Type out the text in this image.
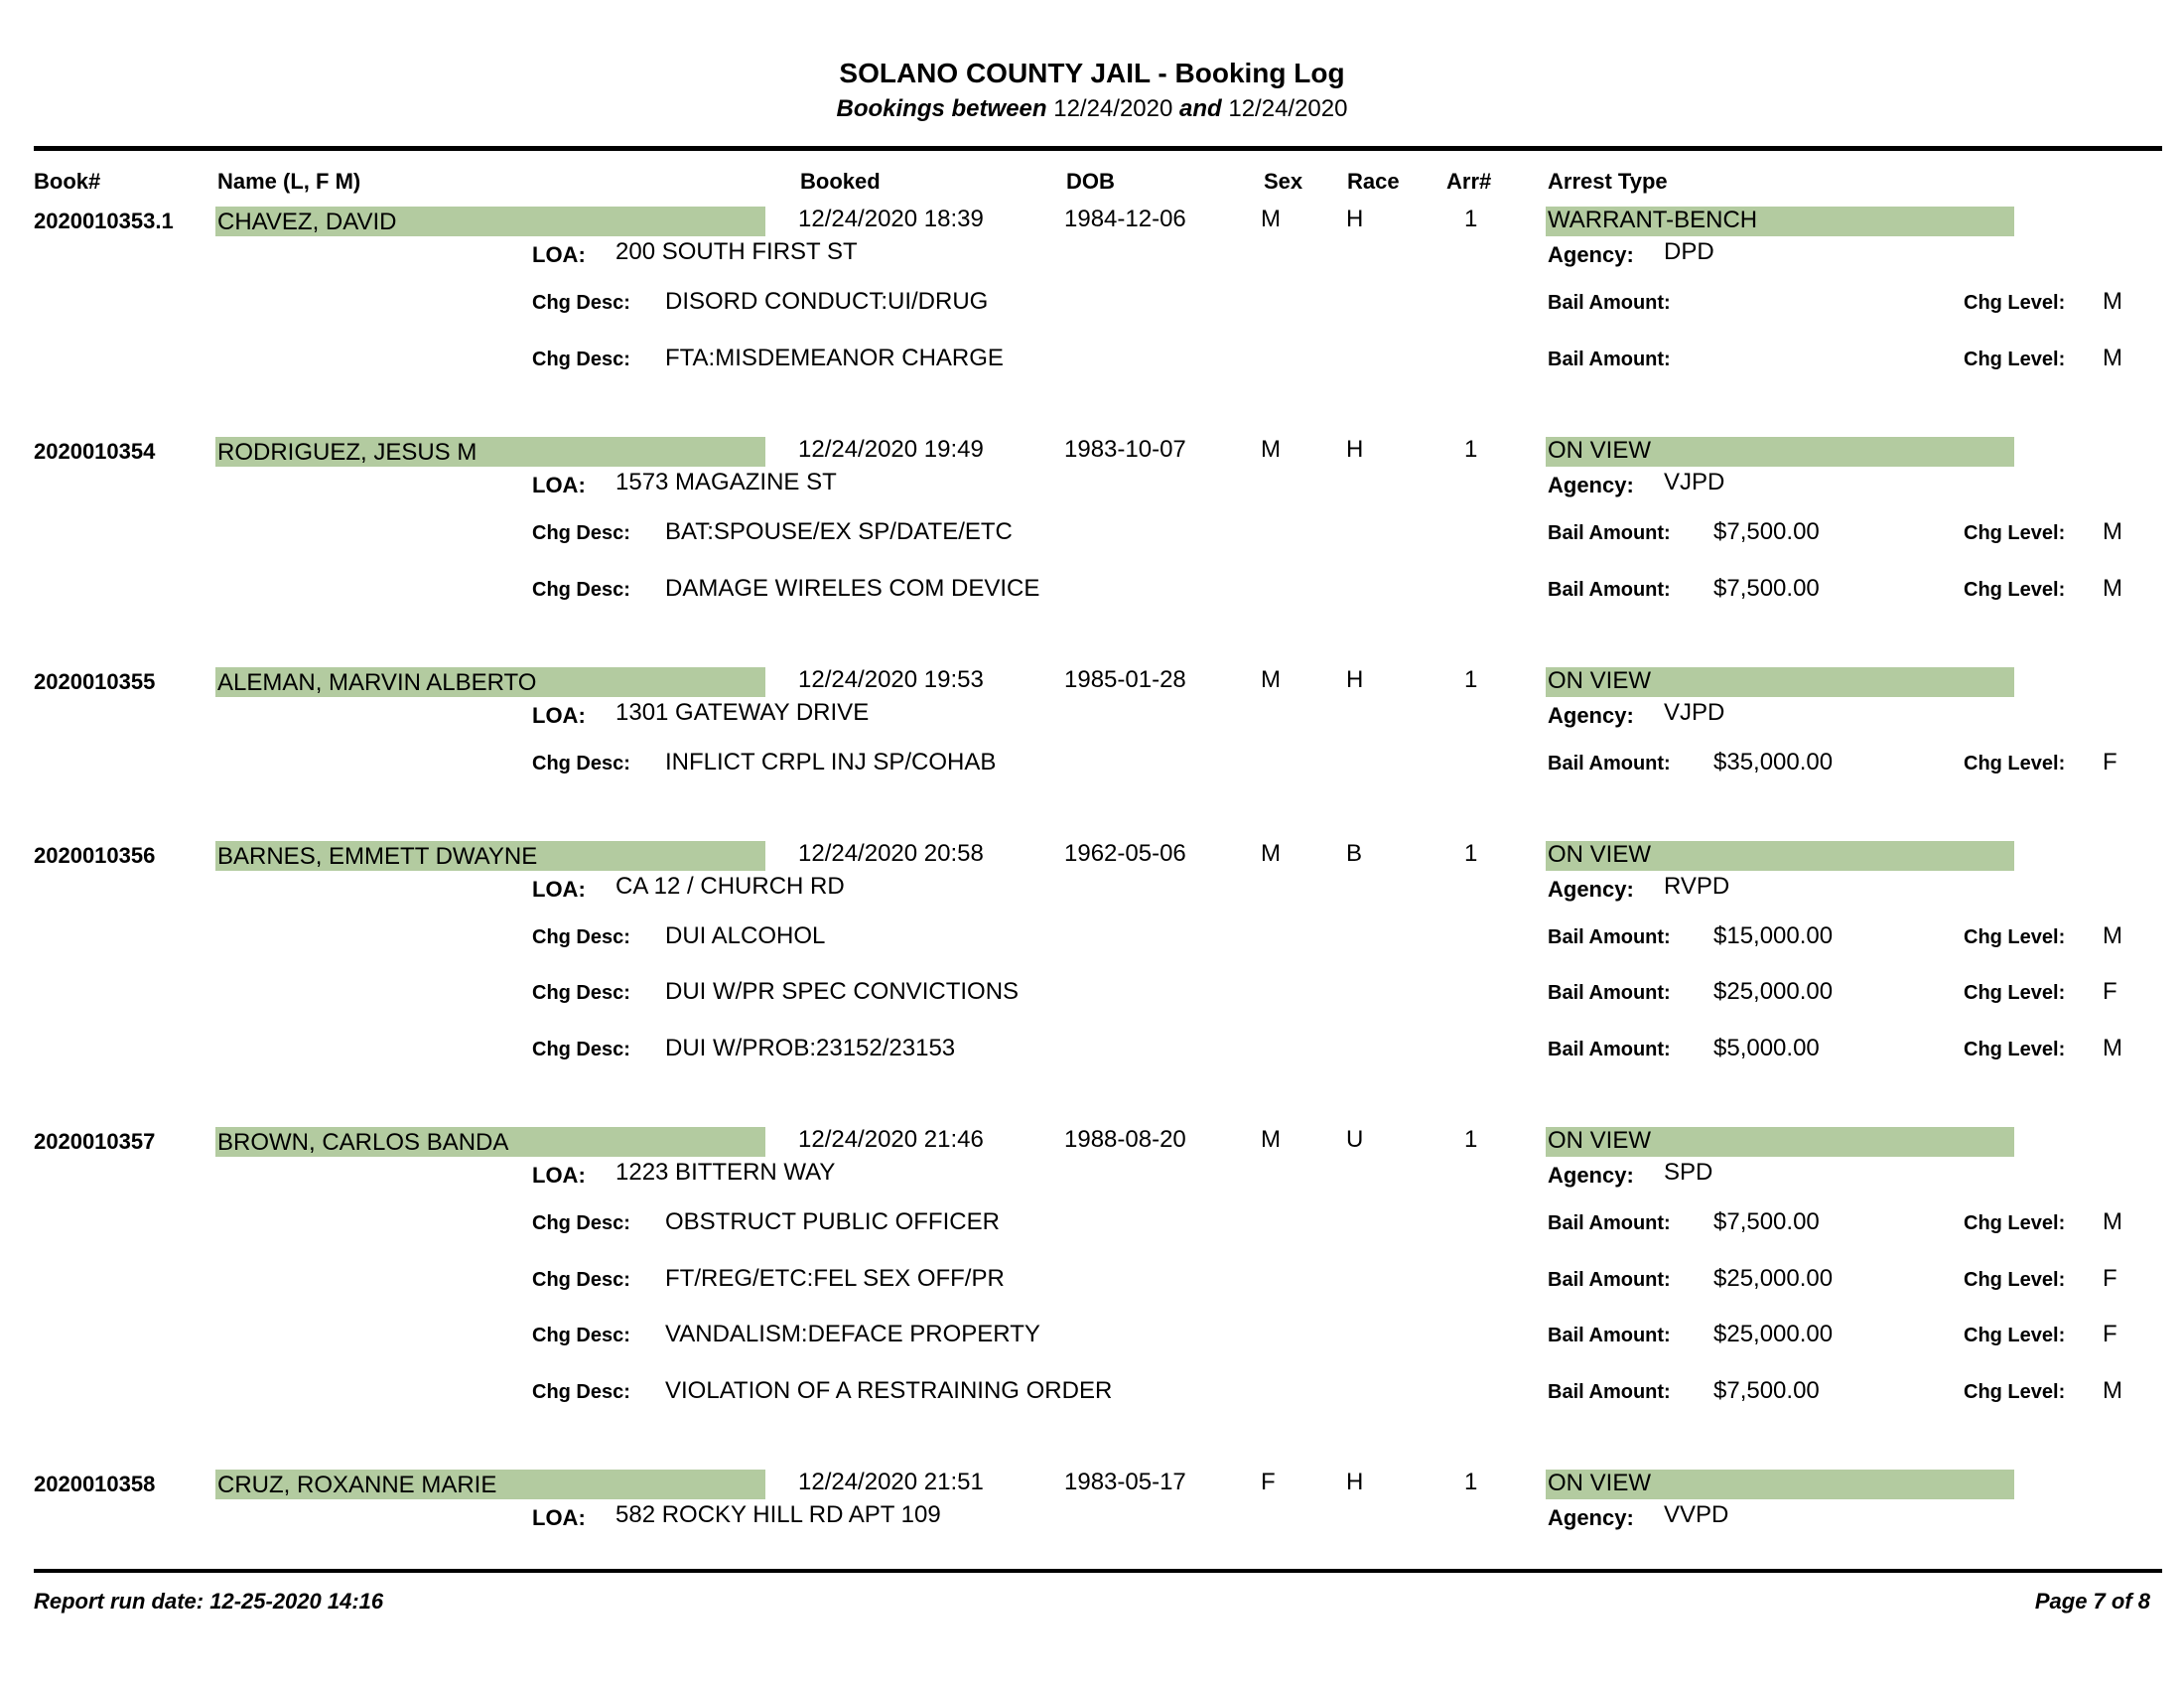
SOLANO COUNTY JAIL - Booking Log
Bookings between 12/24/2020 and 12/24/2020
Book#	Name (L, F M)	Booked	DOB	Sex Race Arr#	Arrest Type
2020010353.1 CHAVEZ, DAVID	12/24/2020 18:39	1984-12-06	M	H	1	WARRANT-BENCH
LOA: 200 SOUTH FIRST ST	Agency: DPD
Chg Desc: DISORD CONDUCT:UI/DRUG	Bail Amount:	Chg Level: M
Chg Desc: FTA:MISDEMEANOR CHARGE	Bail Amount:	Chg Level: M
2020010354	RODRIGUEZ, JESUS M	12/24/2020 19:49	1983-10-07	M	H	1	ON VIEW
LOA: 1573 MAGAZINE ST	Agency: VJPD
Chg Desc: BAT:SPOUSE/EX SP/DATE/ETC	Bail Amount: $7,500.00	Chg Level: M
Chg Desc: DAMAGE WIRELES COM DEVICE	Bail Amount: $7,500.00	Chg Level: M
2020010355	ALEMAN, MARVIN ALBERTO	12/24/2020 19:53	1985-01-28	M	H	1	ON VIEW
LOA: 1301 GATEWAY DRIVE	Agency: VJPD
Chg Desc: INFLICT CRPL INJ SP/COHAB	Bail Amount: $35,000.00	Chg Level: F
2020010356	BARNES, EMMETT DWAYNE	12/24/2020 20:58	1962-05-06	M	B	1	ON VIEW
LOA: CA 12 / CHURCH RD	Agency: RVPD
Chg Desc: DUI ALCOHOL	Bail Amount: $15,000.00	Chg Level: M
Chg Desc: DUI W/PR SPEC CONVICTIONS	Bail Amount: $25,000.00	Chg Level: F
Chg Desc: DUI W/PROB:23152/23153	Bail Amount: $5,000.00	Chg Level: M
2020010357	BROWN, CARLOS BANDA	12/24/2020 21:46	1988-08-20	M	U	1	ON VIEW
LOA: 1223 BITTERN WAY	Agency: SPD
Chg Desc: OBSTRUCT PUBLIC OFFICER	Bail Amount: $7,500.00	Chg Level: M
Chg Desc: FT/REG/ETC:FEL SEX OFF/PR	Bail Amount: $25,000.00	Chg Level: F
Chg Desc: VANDALISM:DEFACE PROPERTY	Bail Amount: $25,000.00	Chg Level: F
Chg Desc: VIOLATION OF A RESTRAINING ORDER	Bail Amount: $7,500.00	Chg Level: M
2020010358	CRUZ, ROXANNE MARIE	12/24/2020 21:51	1983-05-17	F	H	1	ON VIEW
LOA: 582 ROCKY HILL RD APT 109	Agency: VVPD
Report run date: 12-25-2020 14:16	Page 7 of 8
